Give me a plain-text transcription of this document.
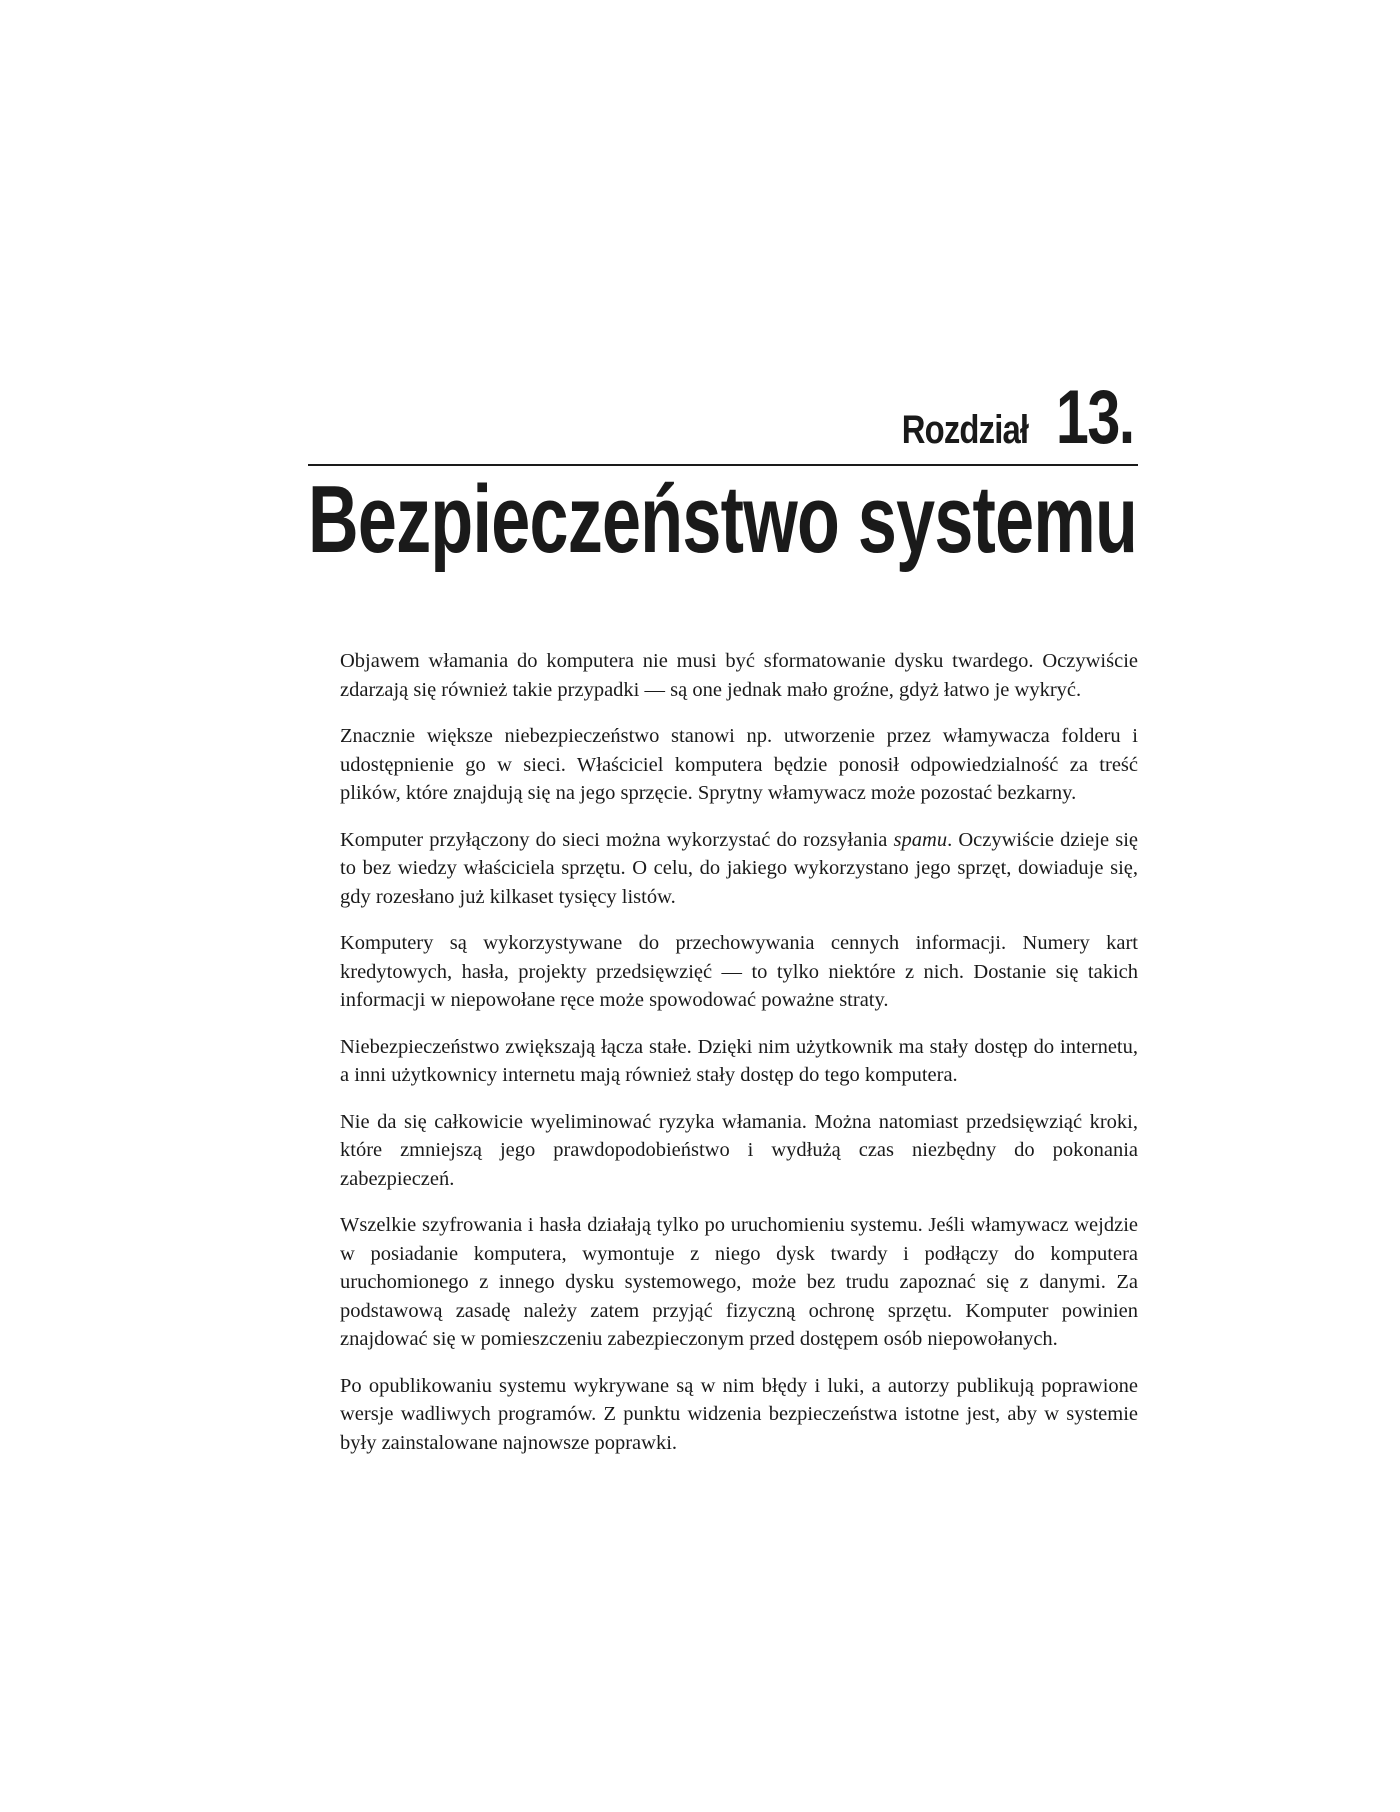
Rozdział 13.
Bezpieczeństwo systemu

Objawem włamania do komputera nie musi być sformatowanie dysku twardego. Oczywiście zdarzają się również takie przypadki — są one jednak mało groźne, gdyż łatwo je wykryć.

Znacznie większe niebezpieczeństwo stanowi np. utworzenie przez włamywacza folderu i udostępnienie go w sieci. Właściciel komputera będzie ponosił odpowiedzialność za treść plików, które znajdują się na jego sprzęcie. Sprytny włamywacz może pozostać bezkarny.

Komputer przyłączony do sieci można wykorzystać do rozsyłania spamu. Oczywiście dzieje się to bez wiedzy właściciela sprzętu. O celu, do jakiego wykorzystano jego sprzęt, dowiaduje się, gdy rozesłano już kilkaset tysięcy listów.

Komputery są wykorzystywane do przechowywania cennych informacji. Numery kart kredytowych, hasła, projekty przedsięwzięć — to tylko niektóre z nich. Dostanie się takich informacji w niepowołane ręce może spowodować poważne straty.

Niebezpieczeństwo zwiększają łącza stałe. Dzięki nim użytkownik ma stały dostęp do internetu, a inni użytkownicy internetu mają również stały dostęp do tego komputera.

Nie da się całkowicie wyeliminować ryzyka włamania. Można natomiast przedsięwziąć kroki, które zmniejszą jego prawdopodobieństwo i wydłużą czas niezbędny do pokonania zabezpieczeń.

Wszelkie szyfrowania i hasła działają tylko po uruchomieniu systemu. Jeśli włamywacz wejdzie w posiadanie komputera, wymontuje z niego dysk twardy i podłączy do komputera uruchomionego z innego dysku systemowego, może bez trudu zapoznać się z danymi. Za podstawową zasadę należy zatem przyjąć fizyczną ochronę sprzętu. Komputer powinien znajdować się w pomieszczeniu zabezpieczonym przed dostępem osób niepowołanych.

Po opublikowaniu systemu wykrywane są w nim błędy i luki, a autorzy publikują poprawione wersje wadliwych programów. Z punktu widzenia bezpieczeństwa istotne jest, aby w systemie były zainstalowane najnowsze poprawki.
